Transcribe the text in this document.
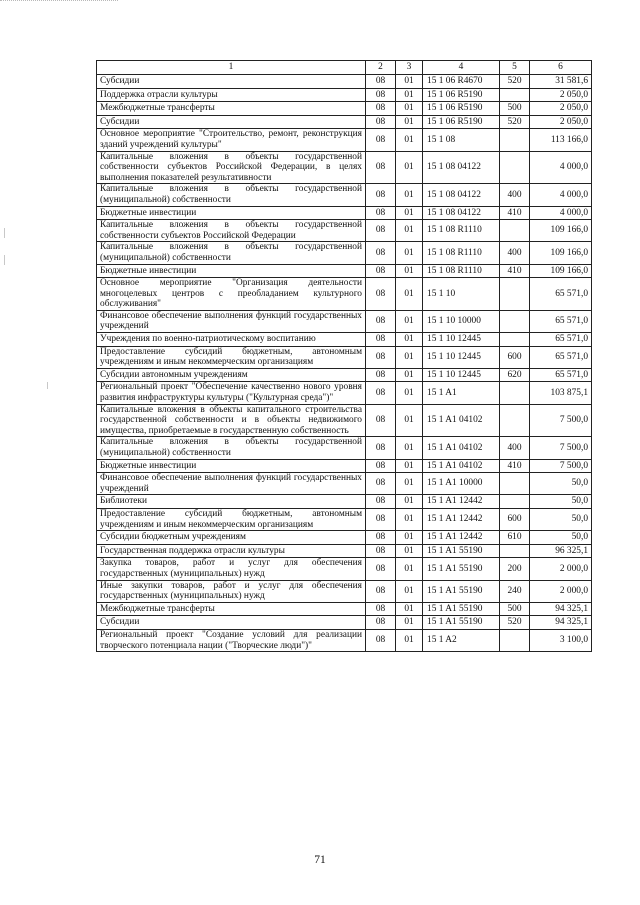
1	2	3	4	5	6
Субсидии	08	01	15 1 06 R4670	520	31 581,6
Поддержка отрасли культуры	08	01	15 1 06 R5190		2 050,0
Межбюджетные трансферты	08	01	15 1 06 R5190	500	2 050,0
Субсидии	08	01	15 1 06 R5190	520	2 050,0
Основное мероприятие "Строительство, ремонт, реконструкция зданий учреждений культуры"	08	01	15 1 08		113 166,0
Капитальные вложения в объекты государственной собственности субъектов Российской Федерации, в целях выполнения показателей результативности	08	01	15 1 08 04122		4 000,0
Капитальные вложения в объекты государственной (муниципальной) собственности	08	01	15 1 08 04122	400	4 000,0
Бюджетные инвестиции	08	01	15 1 08 04122	410	4 000,0
Капитальные вложения в объекты государственной собственности субъектов Российской Федерации	08	01	15 1 08 R1110		109 166,0
Капитальные вложения в объекты государственной (муниципальной) собственности	08	01	15 1 08 R1110	400	109 166,0
Бюджетные инвестиции	08	01	15 1 08 R1110	410	109 166,0
Основное мероприятие "Организация деятельности многоцелевых центров с преобладанием культурного обслуживания"	08	01	15 1 10		65 571,0
Финансовое обеспечение выполнения функций государственных учреждений	08	01	15 1 10 10000		65 571,0
Учреждения по военно-патриотическому воспитанию	08	01	15 1 10 12445		65 571,0
Предоставление субсидий бюджетным, автономным учреждениям и иным некоммерческим организациям	08	01	15 1 10 12445	600	65 571,0
Субсидии автономным учреждениям	08	01	15 1 10 12445	620	65 571,0
Региональный проект "Обеспечение качественно нового уровня развития инфраструктуры культуры ("Культурная среда")"	08	01	15 1 A1		103 875,1
Капитальные вложения в объекты капитального строительства государственной собственности и в объекты недвижимого имущества, приобретаемые в государственную собственность	08	01	15 1 A1 04102		7 500,0
Капитальные вложения в объекты государственной (муниципальной) собственности	08	01	15 1 A1 04102	400	7 500,0
Бюджетные инвестиции	08	01	15 1 A1 04102	410	7 500,0
Финансовое обеспечение выполнения функций государственных учреждений	08	01	15 1 A1 10000		50,0
Библиотеки	08	01	15 1 A1 12442		50,0
Предоставление субсидий бюджетным, автономным учреждениям и иным некоммерческим организациям	08	01	15 1 A1 12442	600	50,0
Субсидии бюджетным учреждениям	08	01	15 1 A1 12442	610	50,0
Государственная поддержка отрасли культуры	08	01	15 1 A1 55190		96 325,1
Закупка товаров, работ и услуг для обеспечения государственных (муниципальных) нужд	08	01	15 1 A1 55190	200	2 000,0
Иные закупки товаров, работ и услуг для обеспечения государственных (муниципальных) нужд	08	01	15 1 A1 55190	240	2 000,0
Межбюджетные трансферты	08	01	15 1 A1 55190	500	94 325,1
Субсидии	08	01	15 1 A1 55190	520	94 325,1
Региональный проект "Создание условий для реализации творческого потенциала нации ("Творческие люди")"	08	01	15 1 A2		3 100,0
71
